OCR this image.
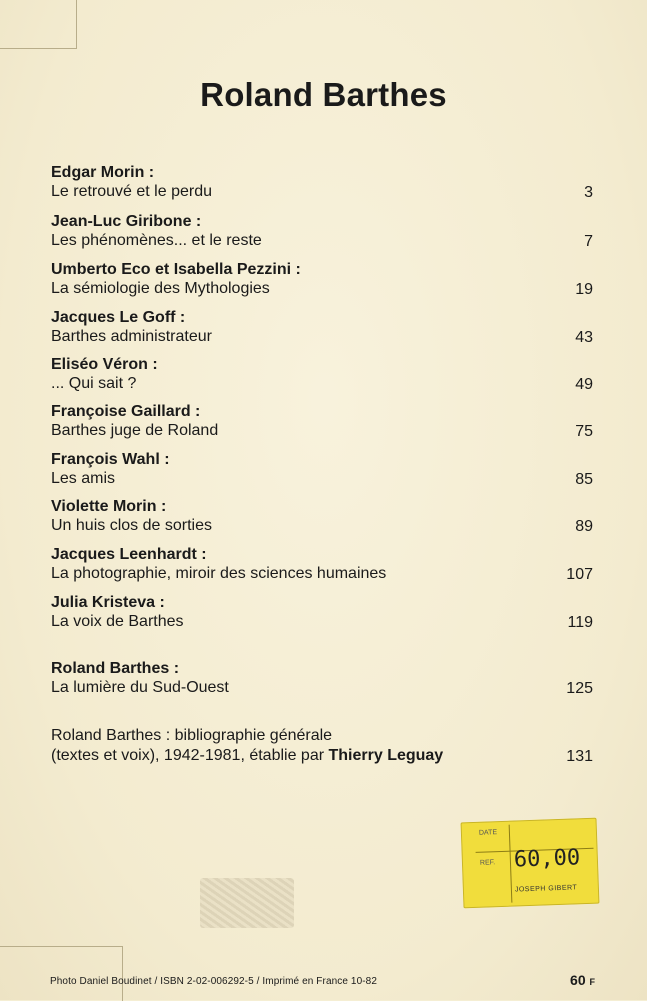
Roland Barthes
Edgar Morin :
Le retrouvé et le perdu	3
Jean-Luc Giribone :
Les phénomènes... et le reste	7
Umberto Eco et Isabella Pezzini :
La sémiologie des Mythologies	19
Jacques Le Goff :
Barthes administrateur	43
Eliséo Véron :
... Qui sait ?	49
Françoise Gaillard :
Barthes juge de Roland	75
François Wahl :
Les amis	85
Violette Morin :
Un huis clos de sorties	89
Jacques Leenhardt :
La photographie, miroir des sciences humaines	107
Julia Kristeva :
La voix de Barthes	119
Roland Barthes :
La lumière du Sud-Ouest	125
Roland Barthes : bibliographie générale
(textes et voix), 1942-1981, établie par Thierry Leguay	131
DATE
REF. 60,00
JOSEPH GIBERT
Photo Daniel Boudinet / ISBN 2-02-006292-5 / Imprimé en France 10-82	60 F
